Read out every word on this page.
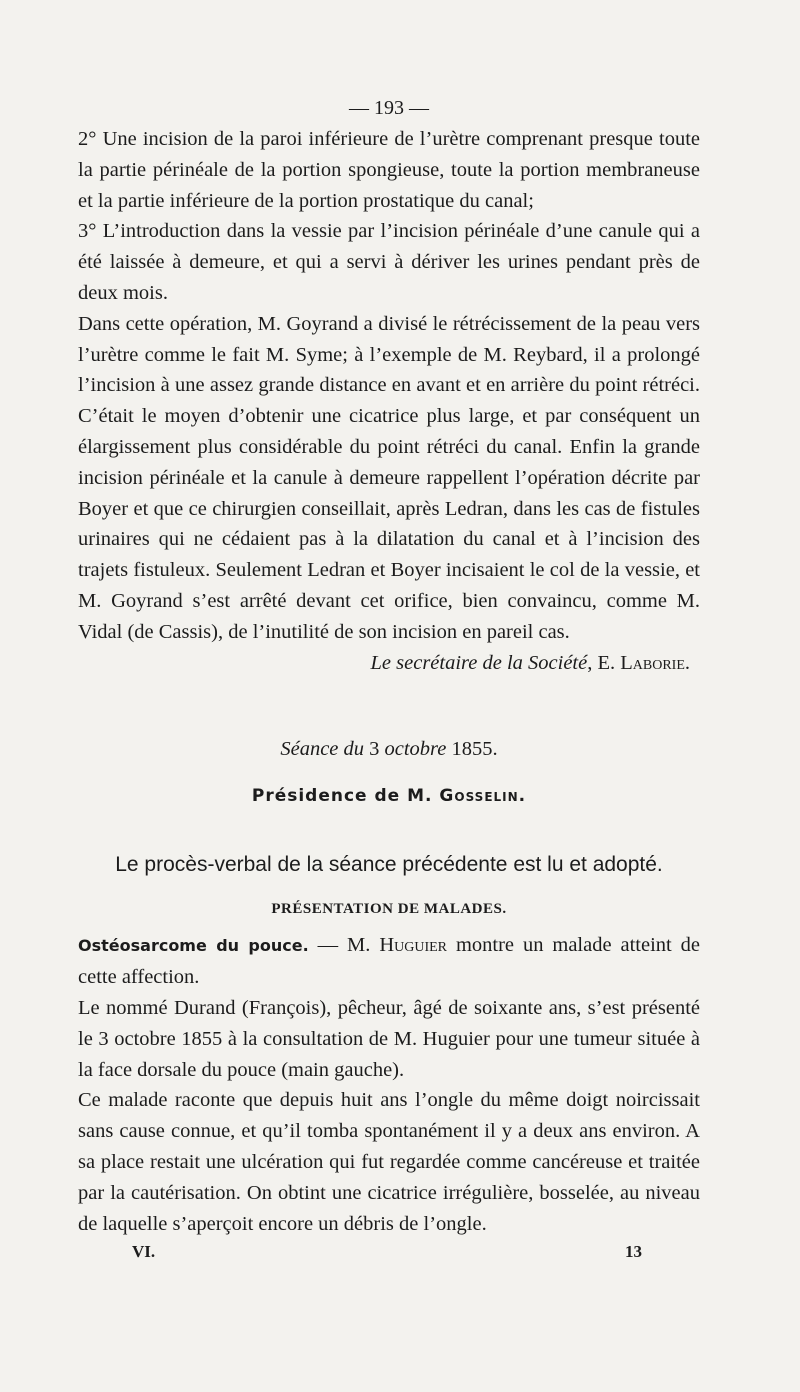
— 193 —

2° Une incision de la paroi inférieure de l’urètre comprenant presque toute la partie périnéale de la portion spongieuse, toute la portion membraneuse et la partie inférieure de la portion prostatique du canal;

3° L’introduction dans la vessie par l’incision périnéale d’une canule qui a été laissée à demeure, et qui a servi à dériver les urines pendant près de deux mois.

Dans cette opération, M. Goyrand a divisé le rétrécissement de la peau vers l’urètre comme le fait M. Syme; à l’exemple de M. Reybard, il a prolongé l’incision à une assez grande distance en avant et en arrière du point rétréci. C’était le moyen d’obtenir une cicatrice plus large, et par conséquent un élargissement plus considérable du point rétréci du canal. Enfin la grande incision périnéale et la canule à demeure rappellent l’opération décrite par Boyer et que ce chirurgien conseillait, après Ledran, dans les cas de fistules urinaires qui ne cédaient pas à la dilatation du canal et à l’incision des trajets fistuleux. Seulement Ledran et Boyer incisaient le col de la vessie, et M. Goyrand s’est arrêté devant cet orifice, bien convaincu, comme M. Vidal (de Cassis), de l’inutilité de son incision en pareil cas.

Le secrétaire de la Société, E. Laborie.

Séance du 3 octobre 1855.

Présidence de M. Gosselin.

Le procès-verbal de la séance précédente est lu et adopté.

PRÉSENTATION DE MALADES.

Ostéosarcome du pouce. — M. Huguier montre un malade atteint de cette affection.

Le nommé Durand (François), pêcheur, âgé de soixante ans, s’est présenté le 3 octobre 1855 à la consultation de M. Huguier pour une tumeur située à la face dorsale du pouce (main gauche).

Ce malade raconte que depuis huit ans l’ongle du même doigt noircissait sans cause connue, et qu’il tomba spontanément il y a deux ans environ. A sa place restait une ulcération qui fut regardée comme cancéreuse et traitée par la cautérisation. On obtint une cicatrice irrégulière, bosselée, au niveau de laquelle s’aperçoit encore un débris de l’ongle.

VI.	13
